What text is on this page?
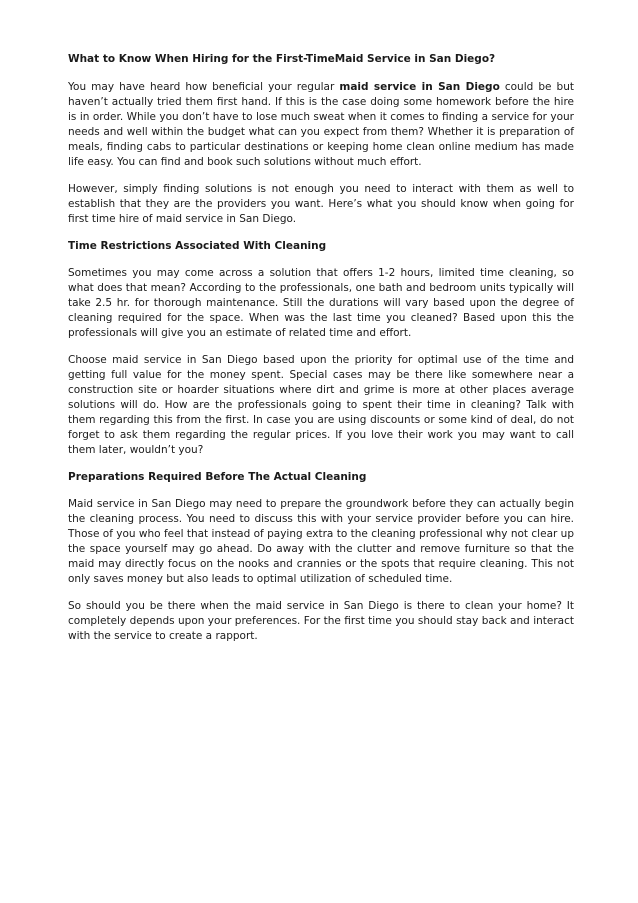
What to Know When Hiring for the First-TimeMaid Service in San Diego?

You may have heard how beneficial your regular maid service in San Diego could be but haven’t actually tried them first hand. If this is the case doing some homework before the hire is in order. While you don’t have to lose much sweat when it comes to finding a service for your needs and well within the budget what can you expect from them? Whether it is preparation of meals, finding cabs to particular destinations or keeping home clean online medium has made life easy. You can find and book such solutions without much effort.

However, simply finding solutions is not enough you need to interact with them as well to establish that they are the providers you want. Here’s what you should know when going for first time hire of maid service in San Diego.

Time Restrictions Associated With Cleaning

Sometimes you may come across a solution that offers 1-2 hours, limited time cleaning, so what does that mean? According to the professionals, one bath and bedroom units typically will take 2.5 hr. for thorough maintenance. Still the durations will vary based upon the degree of cleaning required for the space. When was the last time you cleaned? Based upon this the professionals will give you an estimate of related time and effort.

Choose maid service in San Diego based upon the priority for optimal use of the time and getting full value for the money spent. Special cases may be there like somewhere near a construction site or hoarder situations where dirt and grime is more at other places average solutions will do. How are the professionals going to spent their time in cleaning? Talk with them regarding this from the first. In case you are using discounts or some kind of deal, do not forget to ask them regarding the regular prices. If you love their work you may want to call them later, wouldn’t you?

Preparations Required Before The Actual Cleaning

Maid service in San Diego may need to prepare the groundwork before they can actually begin the cleaning process. You need to discuss this with your service provider before you can hire. Those of you who feel that instead of paying extra to the cleaning professional why not clear up the space yourself may go ahead. Do away with the clutter and remove furniture so that the maid may directly focus on the nooks and crannies or the spots that require cleaning. This not only saves money but also leads to optimal utilization of scheduled time.

So should you be there when the maid service in San Diego is there to clean your home? It completely depends upon your preferences. For the first time you should stay back and interact with the service to create a rapport.
